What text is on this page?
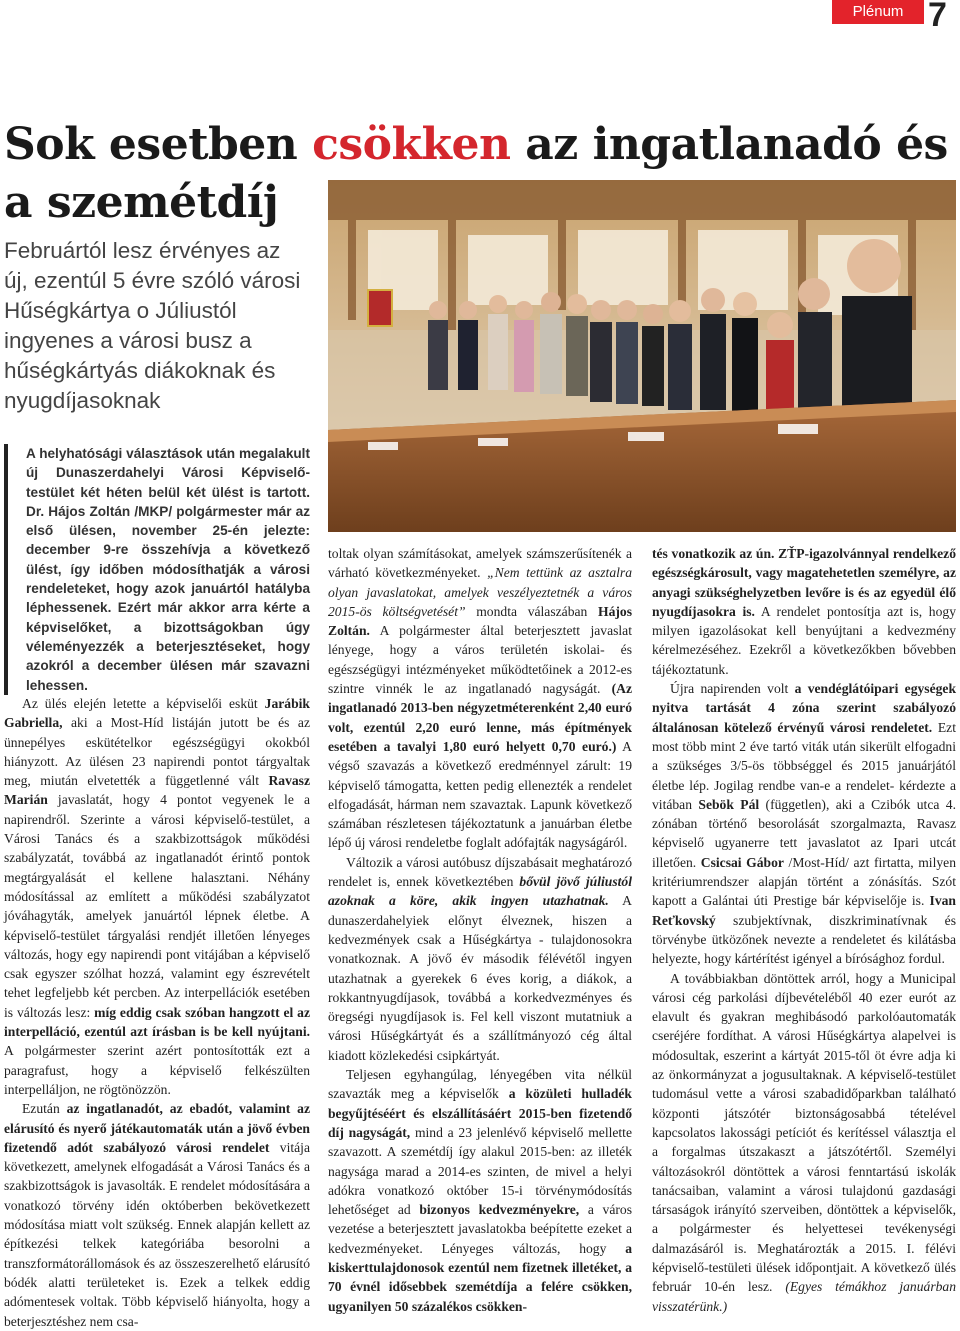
Plénum 7
Sok esetben csökken az ingatlanadó és a szemétdíj
Februártól lesz érvényes az új, ezentúl 5 évre szóló városi Hűségkártya o Júliustól ingyenes a városi busz a hűségkártyás diákoknak és nyugdíjasoknak
A helyhatósági választások után megalakult új Dunaszerdahelyi Városi Képviselő-testület két héten belül két ülést is tartott. Dr. Hájos Zoltán /MKP/ polgármester már az első ülésen, november 25-én jelezte: december 9-re összehívja a következő ülést, így időben módosíthatják a városi rendeleteket, hogy azok januártól hatályba léphessenek. Ezért már akkor arra kérte a képviselőket, a bizottságokban úgy véleményezzék a beterjesztéseket, hogy azokról a december ülésen már szavazni lehessen.

Az ülés elején letette a képviselői esküt Jarábik Gabriella, aki a Most-Híd listáján jutott be és az ünnepélyes eskütételkor egészségügyi okokból hiányzott. Az ülésen 23 napirendi pontot tárgyaltak meg, miután elvetették a függetlenné vált Ravasz Marián javaslatát, hogy 4 pontot vegyenek le a napirendről. Szerinte a városi képviselő-testület, a Városi Tanács és a szakbizottságok működési szabályzatát, továbbá az ingatlanadót érintő pontok megtárgyalását el kellene halasztani. Néhány módosítással az említett a működési szabályzatot jóváhagyták, amelyek januártól lépnek életbe. A képviselő-testület tárgyalási rendjét illetően lényeges változás, hogy egy napirendi pont vitájában a képviselő csak egyszer szólhat hozzá, valamint egy észrevételt tehet legfeljebb két percben. Az interpellációk esetében is változás lesz: míg eddig csak szóban hangzott el az interpelláció, ezentúl azt írásban is be kell nyújtani. A polgármester szerint azért pontosították ezt a paragrafust, hogy a képviselő felkészülten interpelláljon, ne rögtönözzön.

Ezután az ingatlanadót, az ebadót, valamint az elárusító és nyerő játékautomaták után a jövő évben fizetendő adót szabályozó városi rendelet vitája következett, amelynek elfogadását a Városi Tanács és a szakbizottságok is javasolták. E rendelet módosítására a vonatkozó törvény idén októberben bekövetkezett módosítása miatt volt szükség. Ennek alapján kellett az építkezési telkek kategóriába besorolni a transzformátorállomások és az összeszerelhető elárusító bódék alatti területeket is. Ezek a telkek eddig adómentesek voltak. Több képviselő hiányolta, hogy a beterjesztéshez nem csa-

toltak olyan számításokat, amelyek számszerűsítenék a várható következményeket. „Nem tettünk az asztalra olyan javaslatokat, amelyek veszélyeztetnék a város 2015-ös költségvetését” mondta válaszában Hájos Zoltán. A polgármester által beterjesztett javaslat lényege, hogy a város területén iskolai- és egészségügyi intézményeket működtetőinek a 2012-es szintre vinnék le az ingatlanadó nagyságát. (Az ingatlanadó 2013-ben négyzetméterenként 2,40 euró volt, ezentúl 2,20 euró lenne, más építmények esetében a tavalyi 1,80 euró helyett 0,70 euró.) A végső szavazás a következő eredménnyel zárult: 19 képviselő támogatta, ketten pedig ellenezték a rendelet elfogadását, hárman nem szavaztak. Lapunk következő számában részletesen tájékoztatunk a januárban életbe lépő új városi rendeletbe foglalt adófajták nagyságáról.

Változik a városi autóbusz díjszabásait meghatározó rendelet is, ennek következtében bővül jövő júliustól azoknak a köre, akik ingyen utazhatnak. A dunaszerdahelyiek előnyt élveznek, hiszen a kedvezmények csak a Hűségkártya - tulajdonosokra vonatkoznak. A jövő év második félévétől ingyen utazhatnak a gyerekek 6 éves korig, a diákok, a rokkantnyugdíjasok, továbbá a korkedvezményes és öregségi nyugdíjasok is. Fel kell viszont mutatniuk a városi Hűségkártyát és a szállítmányozó cég által kiadott közlekedési csipkártyát.

Teljesen egyhangúlag, lényegében vita nélkül szavazták meg a képviselők a közületi hulladék begyűjtéséért és elszállításáért 2015-ben fizetendő díj nagyságát, mind a 23 jelenlévő képviselő mellette szavazott. A szemétdíj így alakul 2015-ben: az illeték nagysága marad a 2014-es szinten, de mivel a helyi adókra vonatkozó október 15-i törvénymódosítás lehetőséget ad bizonyos kedvezményekre, a város vezetése a beterjesztett javaslatokba beépítette ezeket a kedvezményeket. Lényeges változás, hogy a kiskerttulajdonosok ezentúl nem fizetnek illetéket, a 70 évnél idősebbek szemétdíja a felére csökken, ugyanilyen 50 százalékos csökken-

tés vonatkozik az ún. ZŤP-igazolvánnyal rendelkező egészségkárosult, vagy magatehetetlen személyre, az anyagi szükséghelyzetben levőre is és az egyedül élő nyugdíjasokra is. A rendelet pontosítja azt is, hogy milyen igazolásokat kell benyújtani a kedvezmény kérelmezéséhez. Ezekről a következőkben bővebben tájékoztatunk.

Újra napirenden volt a vendéglátóipari egységek nyitva tartását 4 zóna szerint szabályozó általánosan kötelező érvényű városi rendeletet. Ezt most több mint 2 éve tartó viták után sikerült elfogadni a szükséges 3/5-ös többséggel és 2015 januárjától életbe lép. Jogilag rendbe van-e a rendelet- kérdezte a vitában Sebök Pál (független), aki a Czibók utca 4. zónában történő besorolását szorgalmazta, Ravasz képviselő ugyanerre tett javaslatot az Ipari utcát illetően. Csicsai Gábor /Most-Híd/ azt firtatta, milyen kritériumrendszer alapján történt a zónásítás. Szót kapott a Galántai úti Prestige bár képviselője is. Ivan Reťkovský szubjektívnak, diszkriminatívnak és törvénybe ütközőnek nevezte a rendeletet és kilátásba helyezte, hogy kártérítést igényel a bírósághoz fordul.

A továbbiakban döntöttek arról, hogy a Municipal városi cég parkolási díjbevételéből 40 ezer eurót az elavult és gyakran meghibásodó parkolóautomaták cseréjére fordíthat. A városi Hűségkártya alapelvei is módosultak, eszerint a kártyát 2015-től öt évre adja ki az önkormányzat a jogusultaknak. A képviselő-testület tudomásul vette a városi szabadidőparkban található központi játszótér biztonságosabbá tételével kapcsolatos lakossági petíciót és kerítéssel választja el a forgalmas útszakaszt a játszótértől. Személyi változásokról döntöttek a városi fenntartású iskolák tanácsaiban, valamint a városi tulajdonú gazdasági társaságok irányító szerveiben, döntöttek a képviselők, a polgármester és helyettesei tevékenységi dalmazásáról is. Meghatározták a 2015. I. félévi képviselő-testületi ülések időpontjait. A következő ülés február 10-én lesz. (Egyes témákhoz januárban visszatérünk.)
